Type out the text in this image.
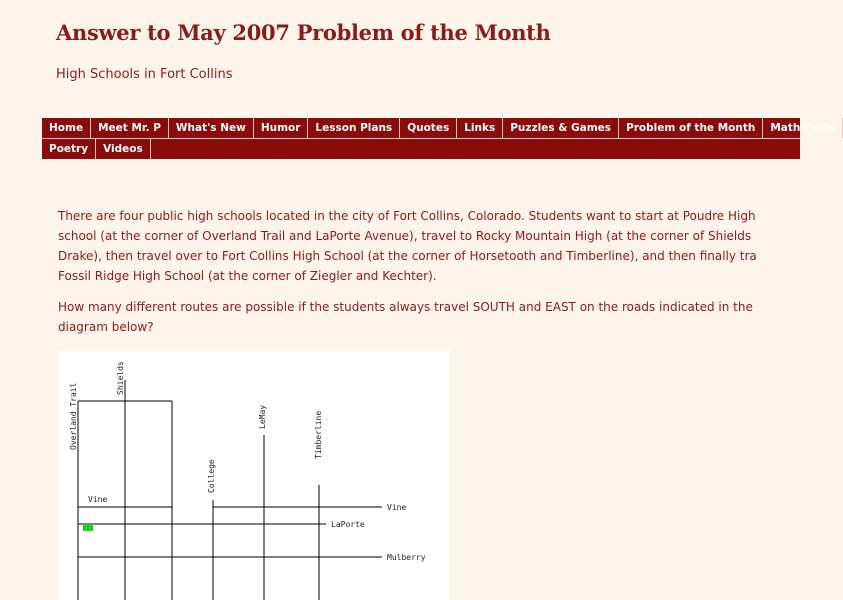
Answer to May 2007 Problem of the Month
High Schools in Fort Collins
Home	Meet Mr. P	What's New	Humor	Lesson Plans	Quotes	Links	Puzzles & Games	Problem of the Month	Math Facts
Poetry	Videos

There are four public high schools located in the city of Fort Collins, Colorado. Students want to start at Poudre High
school (at the corner of Overland Trail and LaPorte Avenue), travel to Rocky Mountain High (at the corner of Shields
Drake), then travel over to Fort Collins High School (at the corner of Horsetooth and Timberline), and then finally tra
Fossil Ridge High School (at the corner of Ziegler and Kechter).

How many different routes are possible if the students always travel SOUTH and EAST on the roads indicated in the
diagram below?

Overland Trail
Shields
College
LeMay	Timberline
Vine
Vine
LaPorte
Mulberry
